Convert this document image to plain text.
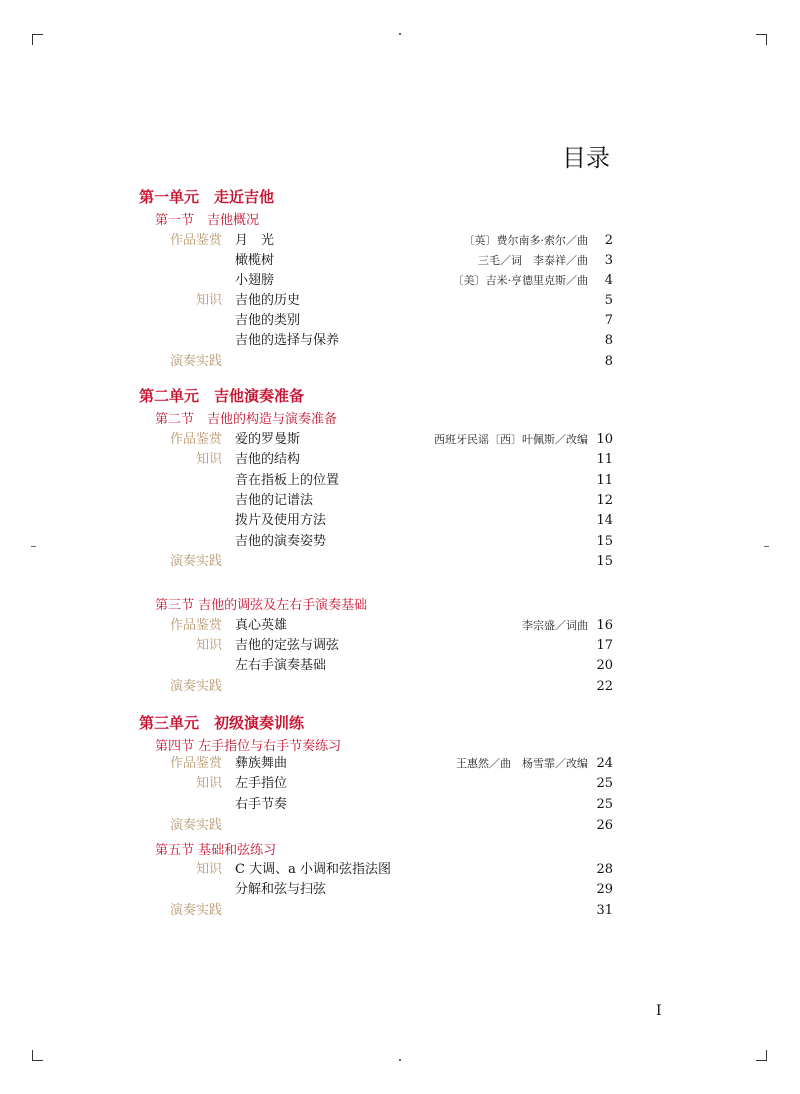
目录
第一单元　走近吉他
第一节　吉他概况
作品鉴赏 月　光	〔英〕费尔南多·索尔／曲 2
橄榄树	三毛／词　李泰祥／曲 3
小翅膀	〔美〕吉米·亨德里克斯／曲 4
知识 吉他的历史	5
吉他的类别	7
吉他的选择与保养	8
演奏实践	8
第二单元　吉他演奏准备
第二节　吉他的构造与演奏准备
作品鉴赏 爱的罗曼斯	西班牙民谣〔西〕叶佩斯／改编 10
知识 吉他的结构	11
音在指板上的位置	11
吉他的记谱法	12
拨片及使用方法	14
吉他的演奏姿势	15
演奏实践	15
第三节 吉他的调弦及左右手演奏基础
作品鉴赏 真心英雄	李宗盛／词曲 16
知识 吉他的定弦与调弦	17
左右手演奏基础	20
演奏实践	22
第三单元　初级演奏训练
第四节 左手指位与右手节奏练习
作品鉴赏 彝族舞曲	王惠然／曲　杨雪霏／改编 24
知识 左手指位	25
右手节奏	25
演奏实践	26
第五节 基础和弦练习
知识 C 大调、a 小调和弦指法图	28
分解和弦与扫弦	29
演奏实践	31
I
